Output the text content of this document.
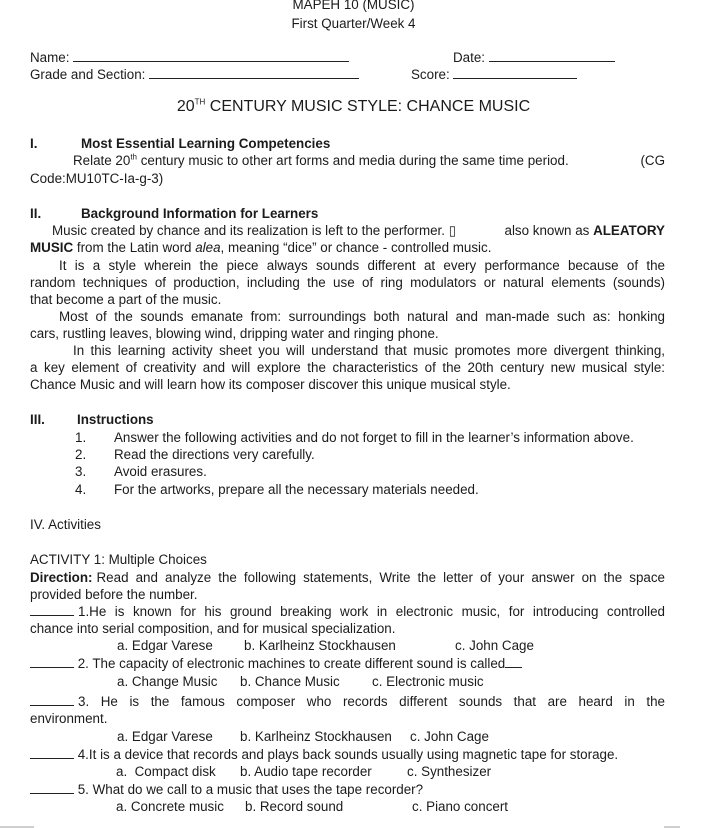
MAPEH 10 (MUSIC)
First Quarter/Week 4
Name:	Date:
Grade and Section:	Score:
20TH CENTURY MUSIC STYLE: CHANCE MUSIC
I.	Most Essential Learning Competencies
Relate 20th century music to other art forms and media during the same time period.	(CG
Code:MU10TC-Ia-g-3)
II.	Background Information for Learners
Music created by chance and its realization is left to the performer. ▯	also known as ALEATORY
MUSIC from the Latin word alea, meaning “dice” or chance - controlled music.
It is a style wherein the piece always sounds different at every performance because of the
random techniques of production, including the use of ring modulators or natural elements (sounds)
that become a part of the music.
Most of the sounds emanate from: surroundings both natural and man-made such as: honking
cars, rustling leaves, blowing wind, dripping water and ringing phone.
In this learning activity sheet you will understand that music promotes more divergent thinking,
a key element of creativity and will explore the characteristics of the 20th century new musical style:
Chance Music and will learn how its composer discover this unique musical style.
III. Instructions
1. Answer the following activities and do not forget to fill in the learner’s information above.
2. Read the directions very carefully.
3. Avoid erasures.
4. For the artworks, prepare all the necessary materials needed.
IV. Activities
ACTIVITY 1: Multiple Choices
Direction: Read and analyze the following statements, Write the letter of your answer on the space
provided before the number.
1.He is known for his ground breaking work in electronic music, for introducing controlled
chance into serial composition, and for musical specialization.
a. Edgar Varese b. Karlheinz Stockhausen	c. John Cage
2. The capacity of electronic machines to create different sound is called
a. Change Music b. Chance Music c. Electronic music
3. He is the famous composer who records different sounds that are heard in the
environment.
a. Edgar Varese b. Karlheinz Stockhausen c. John Cage
4.It is a device that records and plays back sounds usually using magnetic tape for storage.
a.  Compact disk b. Audio tape recorder	c. Synthesizer
5. What do we call to a music that uses the tape recorder?
a. Concrete music b. Record sound	c. Piano concert
